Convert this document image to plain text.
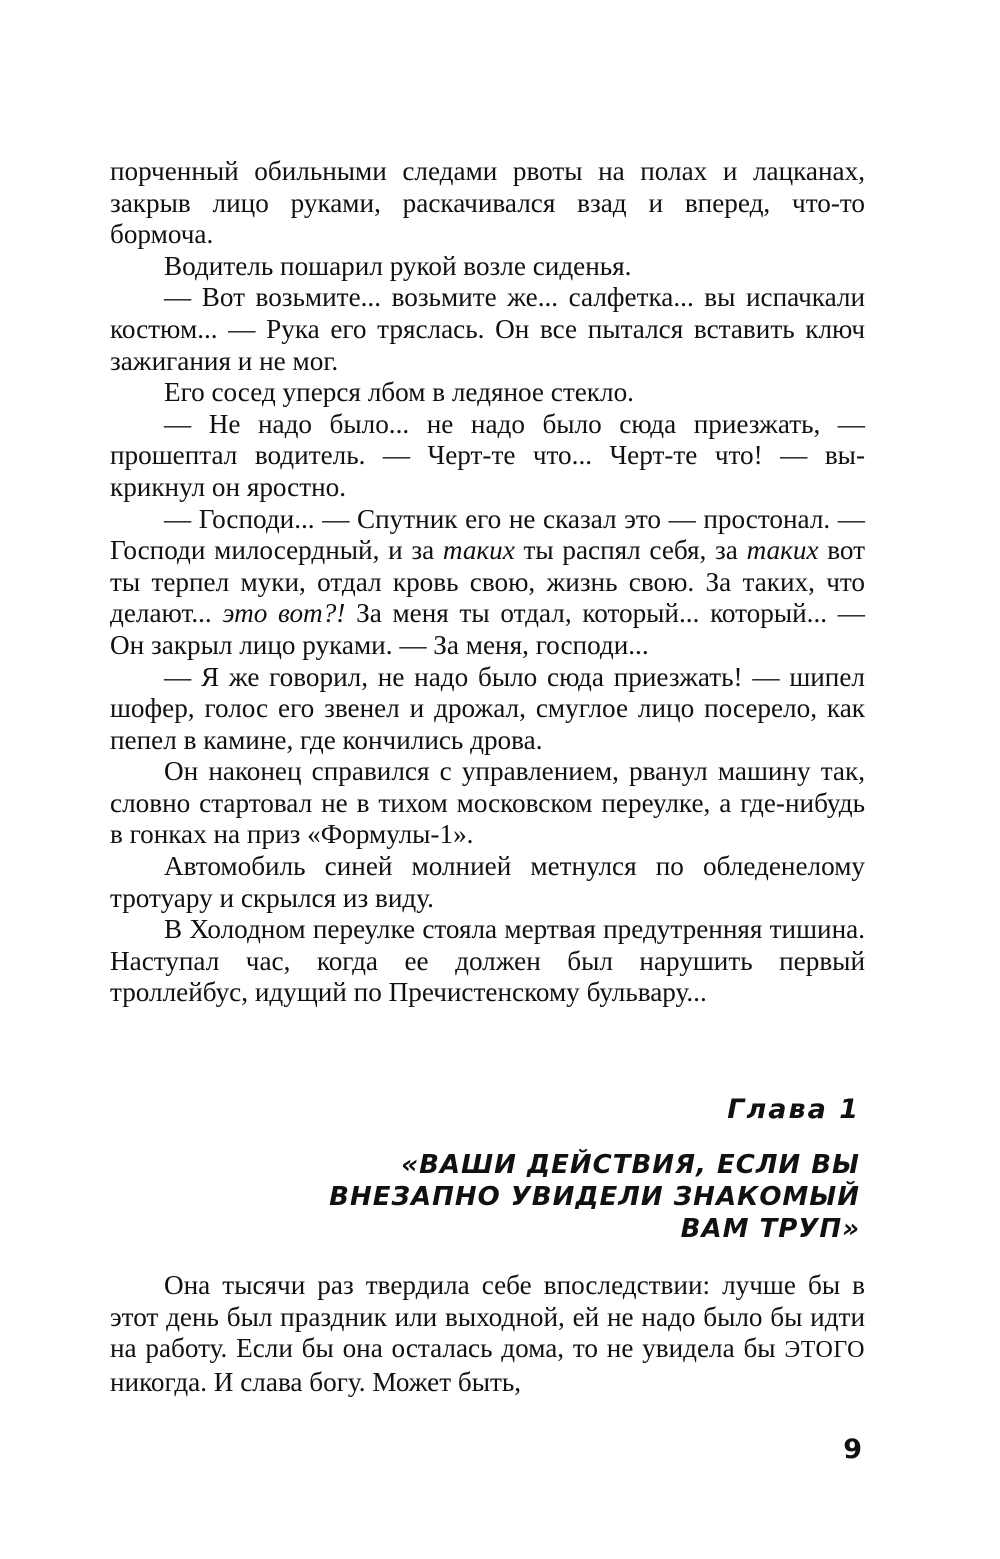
порченный обильными следами рвоты на полах и лацканах, закрыв лицо руками, раскачивался взад и вперед, что-то бормоча.

Водитель пошарил рукой возле сиденья.

— Вот возьмите... возьмите же... салфетка... вы испачкали костюм... — Рука его тряслась. Он все пытался вставить ключ зажигания и не мог.

Его сосед уперся лбом в ледяное стекло.

— Не надо было... не надо было сюда приезжать, — прошептал водитель. — Черт-те что... Черт-те что! — выкрикнул он яростно.

— Господи... — Спутник его не сказал это — простонал. — Господи милосердный, и за таких ты распял себя, за таких вот ты терпел муки, отдал кровь свою, жизнь свою. За таких, что делают... это вот?! За меня ты отдал, который... который... — Он закрыл лицо руками. — За меня, господи...

— Я же говорил, не надо было сюда приезжать! — шипел шофер, голос его звенел и дрожал, смуглое лицо посерело, как пепел в камине, где кончились дрова.

Он наконец справился с управлением, рванул машину так, словно стартовал не в тихом московском переулке, а где-нибудь в гонках на приз «Формулы-1».

Автомобиль синей молнией метнулся по обледенелому тротуару и скрылся из виду.

В Холодном переулке стояла мертвая предутренняя тишина. Наступал час, когда ее должен был нарушить первый троллейбус, идущий по Пречистенскому бульвару...

Глава 1

«ВАШИ ДЕЙСТВИЯ, ЕСЛИ ВЫ
ВНЕЗАПНО УВИДЕЛИ ЗНАКОМЫЙ
ВАМ ТРУП»

Она тысячи раз твердила себе впоследствии: лучше бы в этот день был праздник или выходной, ей не надо было бы идти на работу. Если бы она осталась дома, то не увидела бы ЭТОГО никогда. И слава богу. Может быть,

9
